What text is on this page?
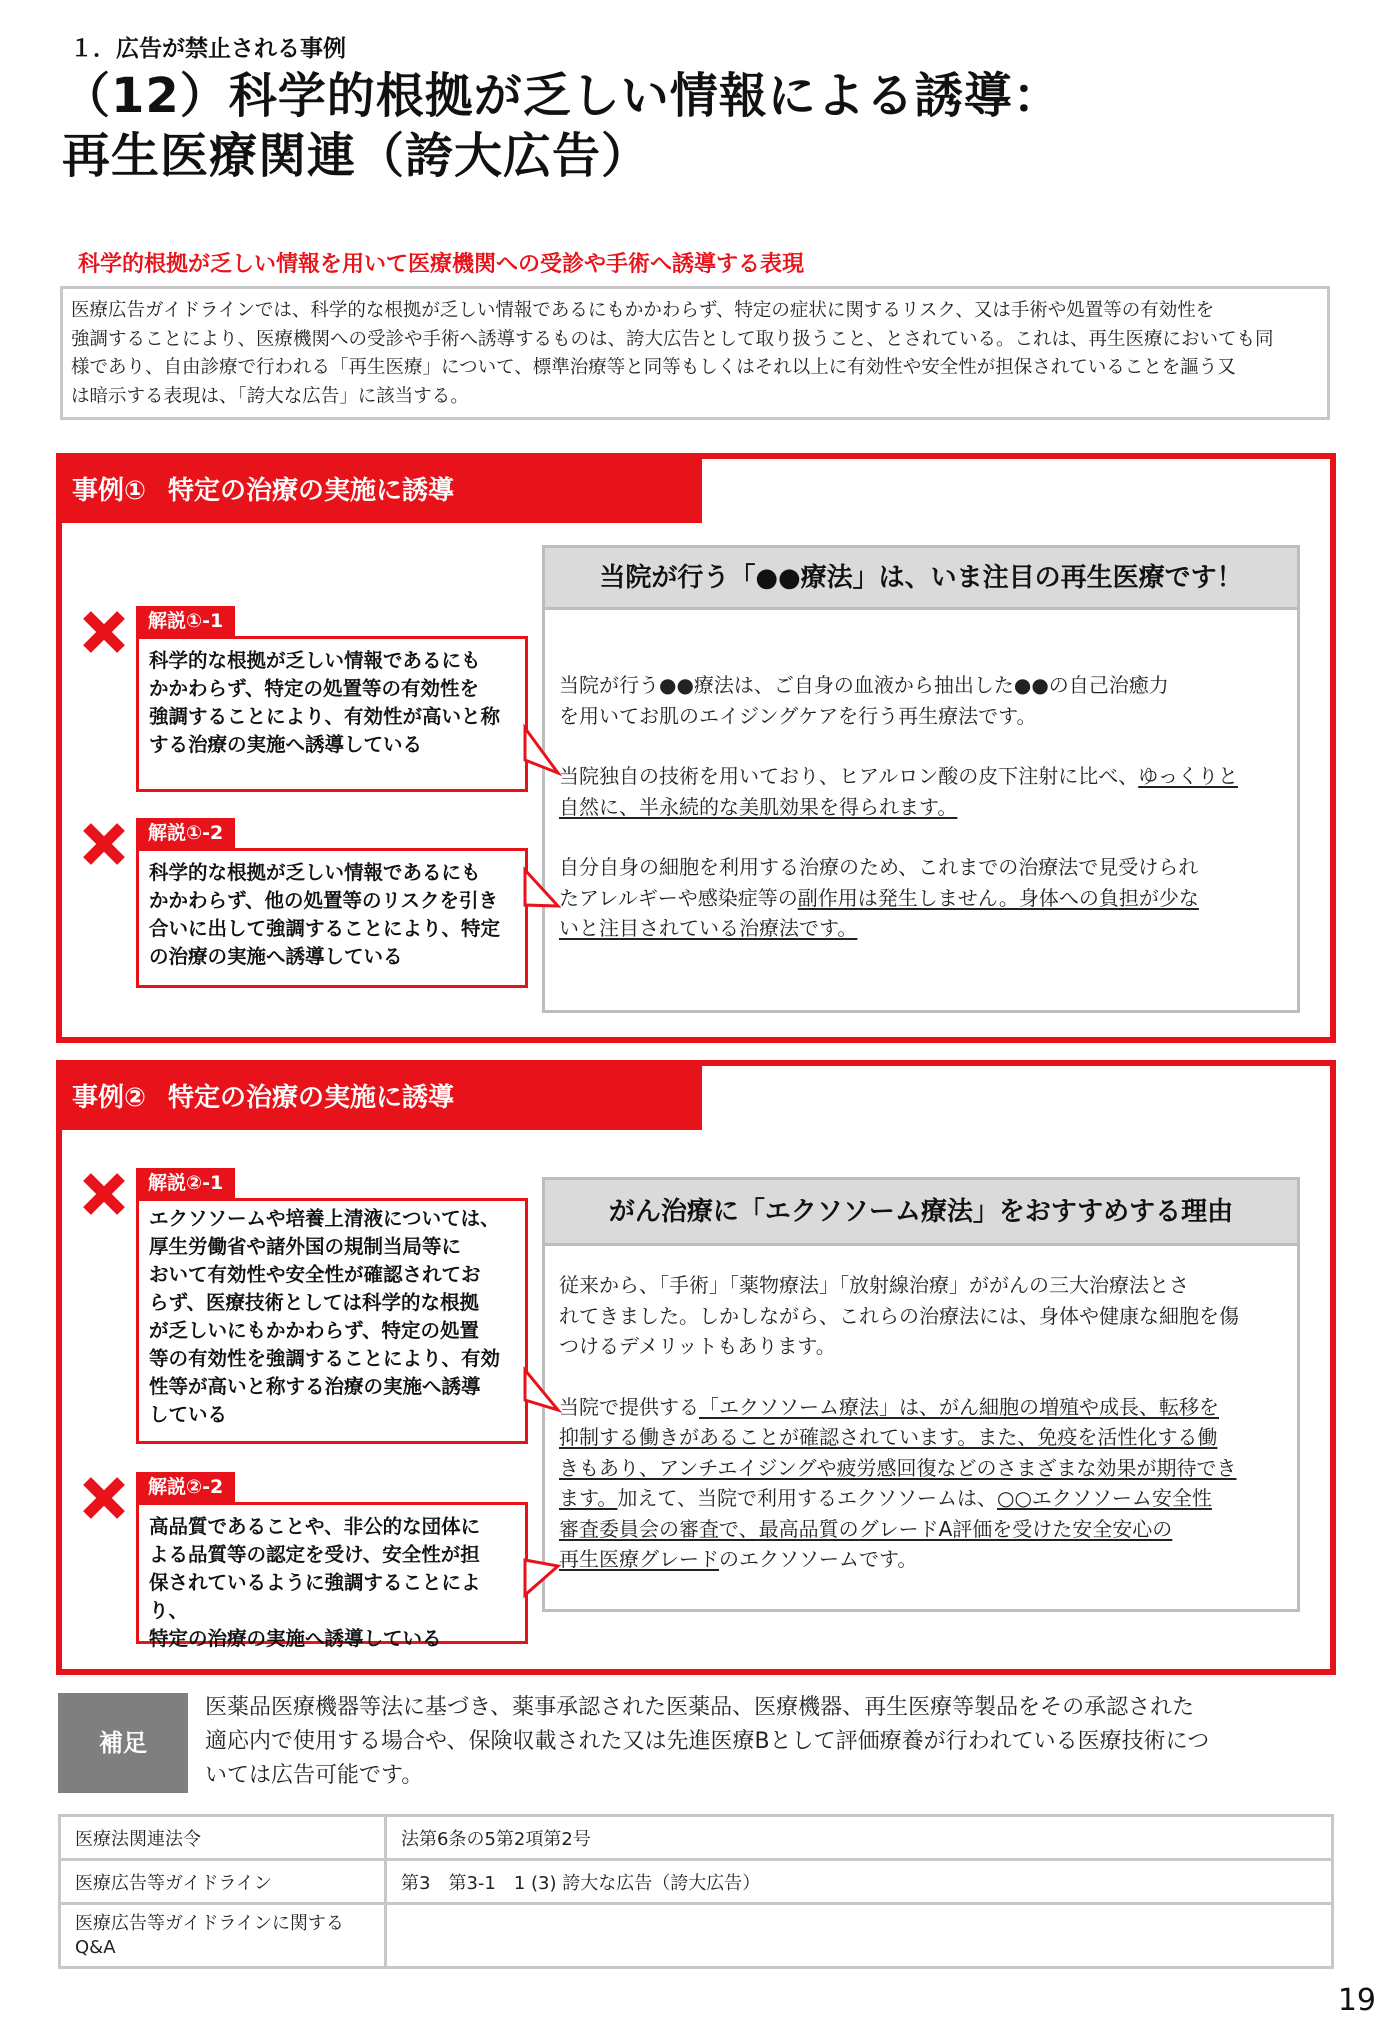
１．広告が禁止される事例
（12）科学的根拠が乏しい情報による誘導：
再生医療関連（誇大広告）
科学的根拠が乏しい情報を用いて医療機関への受診や手術へ誘導する表現
医療広告ガイドラインでは、科学的な根拠が乏しい情報であるにもかかわらず、特定の症状に関するリスク、又は手術や処置等の有効性を
強調することにより、医療機関への受診や手術へ誘導するものは、誇大広告として取り扱うこと、とされている。これは、再生医療においても同
様であり、自由診療で行われる「再生医療」について、標準治療等と同等もしくはそれ以上に有効性や安全性が担保されていることを謳う又
は暗示する表現は、「誇大な広告」に該当する。
事例① 特定の治療の実施に誘導
解説①-1
科学的な根拠が乏しい情報であるにも
かかわらず、特定の処置等の有効性を
強調することにより、有効性が高いと称
する治療の実施へ誘導している
解説①-2
科学的な根拠が乏しい情報であるにも
かかわらず、他の処置等のリスクを引き
合いに出して強調することにより、特定
の治療の実施へ誘導している
当院が行う「●●療法」は、いま注目の再生医療です！

当院が行う●●療法は、ご自身の血液から抽出した●●の自己治癒力

を用いてお肌のエイジングケアを行う再生療法です。

当院独自の技術を用いており、ヒアルロン酸の皮下注射に比べ、ゆっくりと
自然に、半永続的な美肌効果を得られます。

自分自身の細胞を利用する治療のため、これまでの治療法で見受けられ
たアレルギーや感染症等の副作用は発生しません。身体への負担が少な
いと注目されている治療法です。

事例② 特定の治療の実施に誘導
解説②-1
エクソソームや培養上清液については、
厚生労働省や諸外国の規制当局等に
おいて有効性や安全性が確認されてお
らず、医療技術としては科学的な根拠
が乏しいにもかかわらず、特定の処置
等の有効性を強調することにより、有効
性等が高いと称する治療の実施へ誘導
している
解説②-2
高品質であることや、非公的な団体に
よる品質等の認定を受け、安全性が担
保されているように強調することにより、
特定の治療の実施へ誘導している
がん治療に「エクソソーム療法」をおすすめする理由

従来から、「手術」「薬物療法」「放射線治療」ががんの三大治療法とさ

れてきました。しかしながら、これらの治療法には、身体や健康な細胞を傷

つけるデメリットもあります。

当院で提供する「エクソソーム療法」は、がん細胞の増殖や成長、転移を
抑制する働きがあることが確認されています。また、免疫を活性化する働
きもあり、アンチエイジングや疲労感回復などのさまざまな効果が期待でき
ます。加えて、当院で利用するエクソソームは、○○エクソソーム安全性
審査委員会の審査で、最高品質のグレードA評価を受けた安全安心の
再生医療グレードのエクソソームです。

補足
医薬品医療機器等法に基づき、薬事承認された医薬品、医療機器、再生医療等製品をその承認された
適応内で使用する場合や、保険収載された又は先進医療Bとして評価療養が行われている医療技術につ
いては広告可能です。
医療法関連法令	法第6条の5第2項第2号
医療広告等ガイドライン	第3　第3-1　1 (3) 誇大な広告（誇大広告）

医療広告等ガイドラインに関する
Q&A	

19
